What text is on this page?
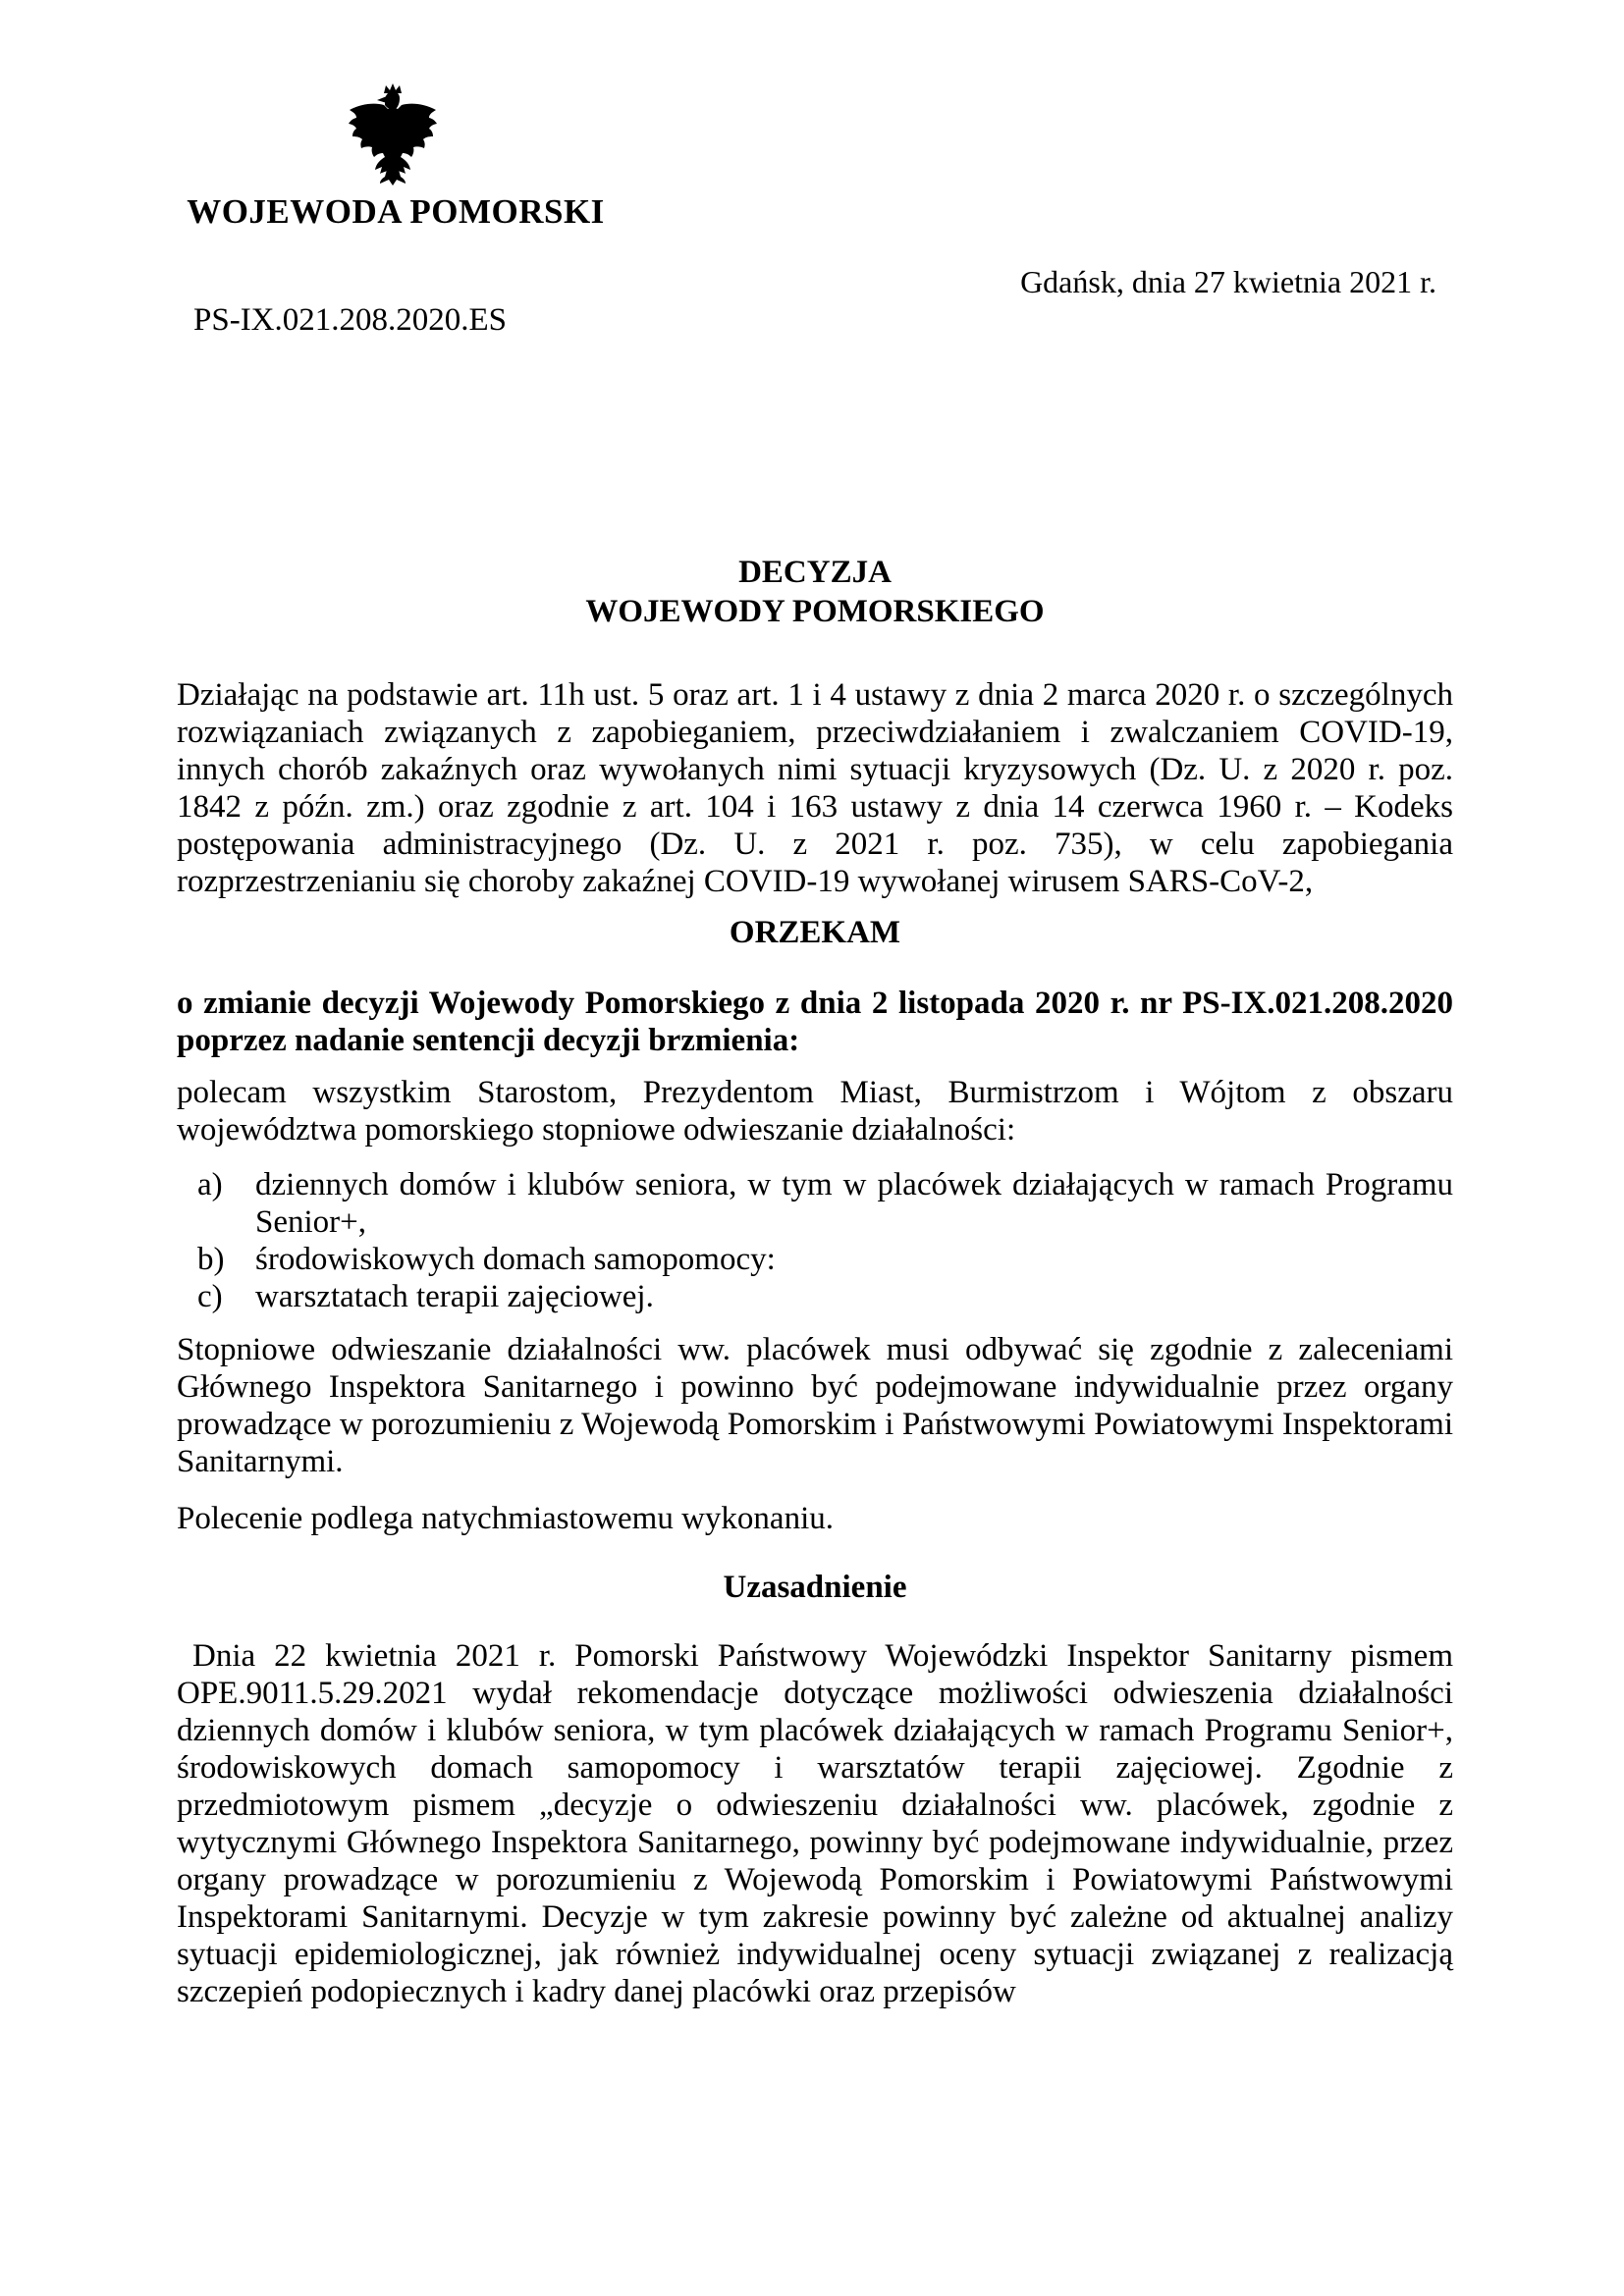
WOJEWODA POMORSKI
Gdańsk, dnia 27 kwietnia 2021 r.
PS-IX.021.208.2020.ES
DECYZJA
WOJEWODY POMORSKIEGO

Działając na podstawie art. 11h ust. 5 oraz art. 1 i 4 ustawy z dnia 2 marca 2020 r. o szczególnych rozwiązaniach związanych z zapobieganiem, przeciwdziałaniem i zwalczaniem COVID-19, innych chorób zakaźnych oraz wywołanych nimi sytuacji kryzysowych (Dz. U. z 2020 r. poz. 1842 z późn. zm.) oraz zgodnie z art. 104 i 163 ustawy z dnia 14 czerwca 1960 r. – Kodeks postępowania administracyjnego (Dz. U. z 2021 r. poz. 735), w celu zapobiegania rozprzestrzenianiu się choroby zakaźnej COVID-19 wywołanej wirusem SARS-CoV-2,

ORZEKAM

o zmianie decyzji Wojewody Pomorskiego z dnia 2 listopada 2020 r. nr PS-IX.021.208.2020 poprzez nadanie sentencji decyzji brzmienia:

polecam wszystkim Starostom, Prezydentom Miast, Burmistrzom i Wójtom z obszaru województwa pomorskiego stopniowe odwieszanie działalności:

a) dziennych domów i klubów seniora, w tym w placówek działających w ramach Programu Senior+,
b) środowiskowych domach samopomocy:
c) warsztatach terapii zajęciowej.

Stopniowe odwieszanie działalności ww. placówek musi odbywać się zgodnie z zaleceniami Głównego Inspektora Sanitarnego i powinno być podejmowane indywidualnie przez organy prowadzące w porozumieniu z Wojewodą Pomorskim i Państwowymi Powiatowymi Inspektorami Sanitarnymi.

Polecenie podlega natychmiastowemu wykonaniu.

Uzasadnienie

Dnia 22 kwietnia 2021 r. Pomorski Państwowy Wojewódzki Inspektor Sanitarny pismem OPE.9011.5.29.2021 wydał rekomendacje dotyczące możliwości odwieszenia działalności dziennych domów i klubów seniora, w tym placówek działających w ramach Programu Senior+, środowiskowych domach samopomocy i warsztatów terapii zajęciowej. Zgodnie z przedmiotowym pismem „decyzje o odwieszeniu działalności ww. placówek, zgodnie z wytycznymi Głównego Inspektora Sanitarnego, powinny być podejmowane indywidualnie, przez organy prowadzące w porozumieniu z Wojewodą Pomorskim i Powiatowymi Państwowymi Inspektorami Sanitarnymi. Decyzje w tym zakresie powinny być zależne od aktualnej analizy sytuacji epidemiologicznej, jak również indywidualnej oceny sytuacji związanej z realizacją szczepień podopiecznych i kadry danej placówki oraz przepisów
